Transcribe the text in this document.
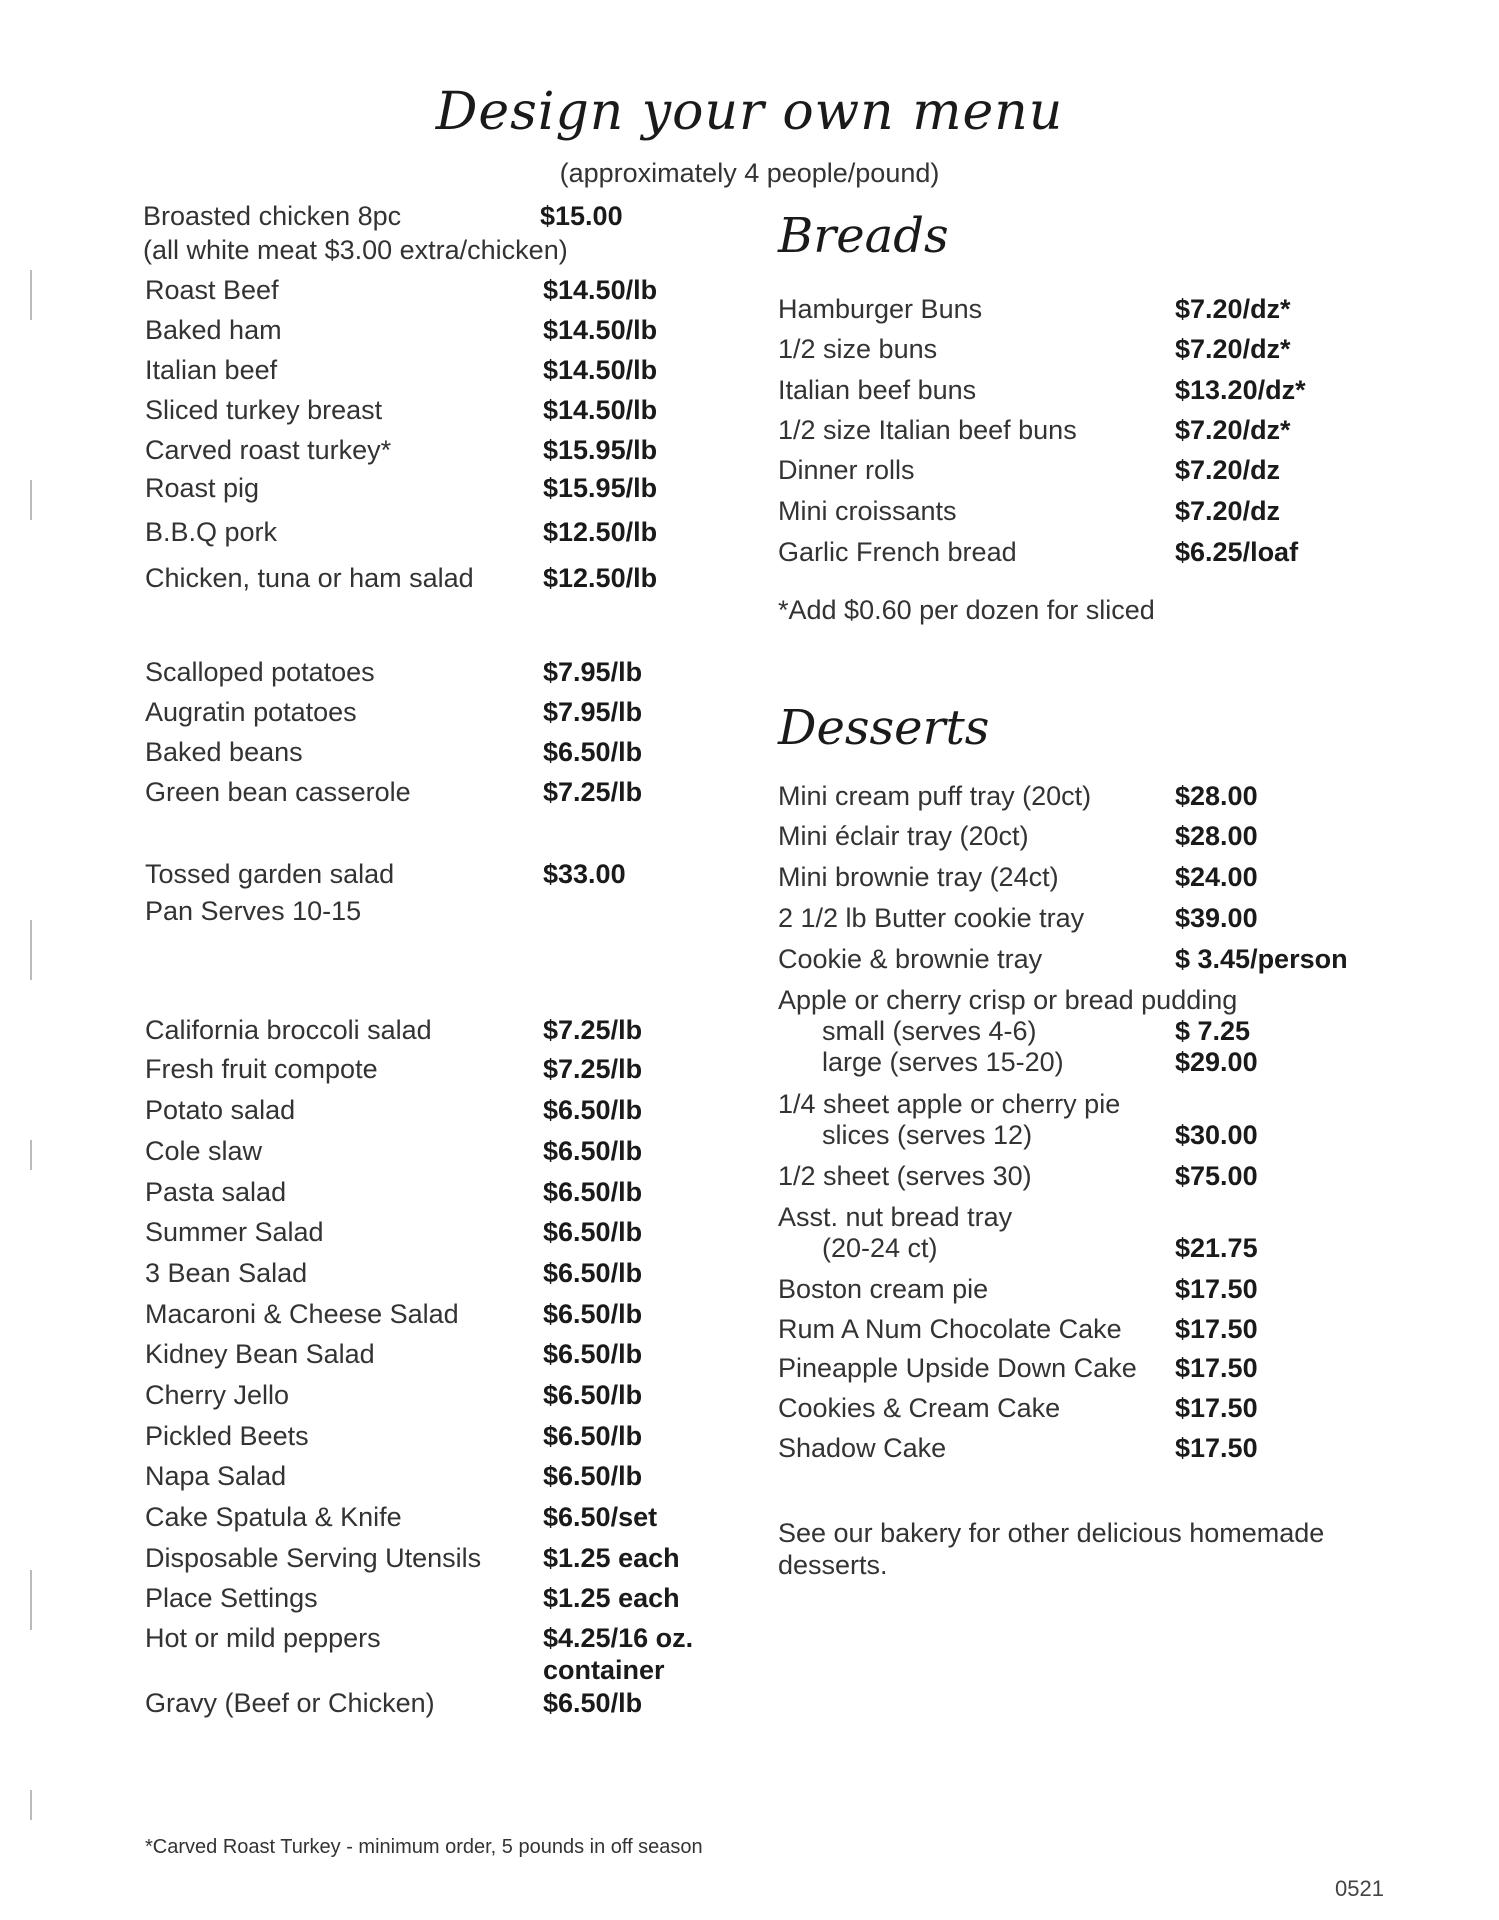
Design your own menu
(approximately 4 people/pound)
Broasted chicken 8pc	$15.00
(all white meat $3.00 extra/chicken)
Roast Beef	$14.50/lb
Baked ham	$14.50/lb
Italian beef	$14.50/lb
Sliced turkey breast	$14.50/lb
Carved roast turkey*	$15.95/lb
Roast pig	$15.95/lb
B.B.Q pork	$12.50/lb
Chicken, tuna or ham salad	$12.50/lb
Scalloped potatoes	$7.95/lb
Augratin potatoes	$7.95/lb
Baked beans	$6.50/lb
Green bean casserole	$7.25/lb
Tossed garden salad	$33.00
Pan Serves 10-15
California broccoli salad	$7.25/lb
Fresh fruit compote	$7.25/lb
Potato salad	$6.50/lb
Cole slaw	$6.50/lb
Pasta salad	$6.50/lb
Summer Salad	$6.50/lb
3 Bean Salad	$6.50/lb
Macaroni & Cheese Salad	$6.50/lb
Kidney Bean Salad	$6.50/lb
Cherry Jello	$6.50/lb
Pickled Beets	$6.50/lb
Napa Salad	$6.50/lb
Cake Spatula & Knife	$6.50/set
Disposable Serving Utensils $1.25 each
Place Settings	$1.25 each
Hot or mild peppers	$4.25/16 oz.
container
Gravy (Beef or Chicken)	$6.50/lb
Breads
Hamburger Buns	$7.20/dz*
1/2 size buns	$7.20/dz*
Italian beef buns	$13.20/dz*
1/2 size Italian beef buns	$7.20/dz*
Dinner rolls	$7.20/dz
Mini croissants	$7.20/dz
Garlic French bread	$6.25/loaf
*Add $0.60 per dozen for sliced
Desserts
Mini cream puff tray (20ct)	$28.00
Mini éclair tray (20ct)	$28.00
Mini brownie tray (24ct)	$24.00
2 1/2 lb Butter cookie tray	$39.00
Cookie & brownie tray	$ 3.45/person
Apple or cherry crisp or bread pudding
small (serves 4-6)	$ 7.25
large (serves 15-20)	$29.00
1/4 sheet apple or cherry pie
slices (serves 12)	$30.00
1/2 sheet (serves 30)	$75.00
Asst. nut bread tray
(20-24 ct)	$21.75
Boston cream pie	$17.50
Rum A Num Chocolate Cake $17.50
Pineapple Upside Down Cake $17.50
Cookies & Cream Cake	$17.50
Shadow Cake	$17.50
See our bakery for other delicious homemade desserts.
*Carved Roast Turkey - minimum order, 5 pounds in off season
0521
